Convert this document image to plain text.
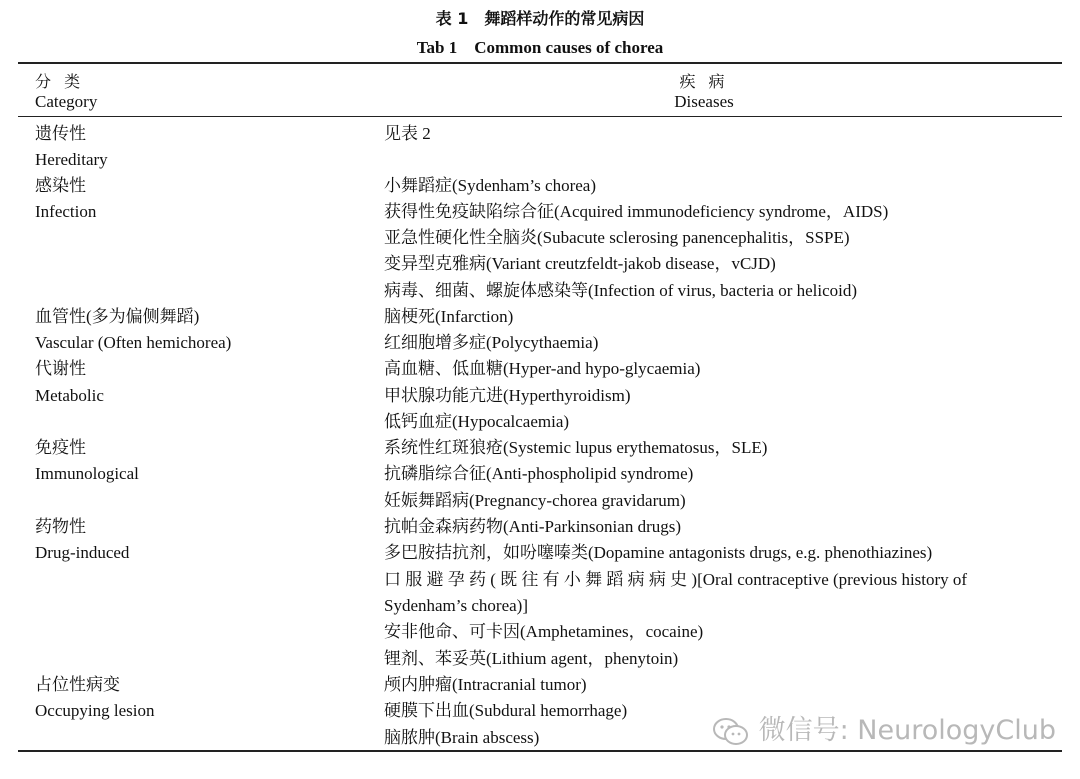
表 1　舞蹈样动作的常见病因
Tab 1　Common causes of chorea
分 类
Category
疾 病
Diseases
遗传性
Hereditary
见表 2
感染性
Infection
小舞蹈症(Sydenham’s chorea)
获得性免疫缺陷综合征(Acquired immunodeficiency syndrome，AIDS)
亚急性硬化性全脑炎(Subacute sclerosing panencephalitis，SSPE)
变异型克雅病(Variant creutzfeldt-jakob disease，vCJD)
病毒、细菌、螺旋体感染等(Infection of virus, bacteria or helicoid)
血管性(多为偏侧舞蹈)
Vascular (Often hemichorea)
脑梗死(Infarction)
红细胞增多症(Polycythaemia)
代谢性
Metabolic
高血糖、低血糖(Hyper-and hypo-glycaemia)
甲状腺功能亢进(Hyperthyroidism)
低钙血症(Hypocalcaemia)
免疫性
Immunological
系统性红斑狼疮(Systemic lupus erythematosus，SLE)
抗磷脂综合征(Anti-phospholipid syndrome)
妊娠舞蹈病(Pregnancy-chorea gravidarum)
药物性
Drug-induced
抗帕金森病药物(Anti-Parkinsonian drugs)
多巴胺拮抗剂，如吩噻嗪类(Dopamine antagonists drugs, e.g. phenothiazines)
口 服 避 孕 药 ( 既 往 有 小 舞 蹈 病 病 史 )[Oral contraceptive (previous history of
Sydenham’s chorea)]
安非他命、可卡因(Amphetamines，cocaine)
锂剂、苯妥英(Lithium agent，phenytoin)
占位性病变
Occupying lesion
颅内肿瘤(Intracranial tumor)
硬膜下出血(Subdural hemorrhage)
脑脓肿(Brain abscess)	微信号: NeurologyClub
